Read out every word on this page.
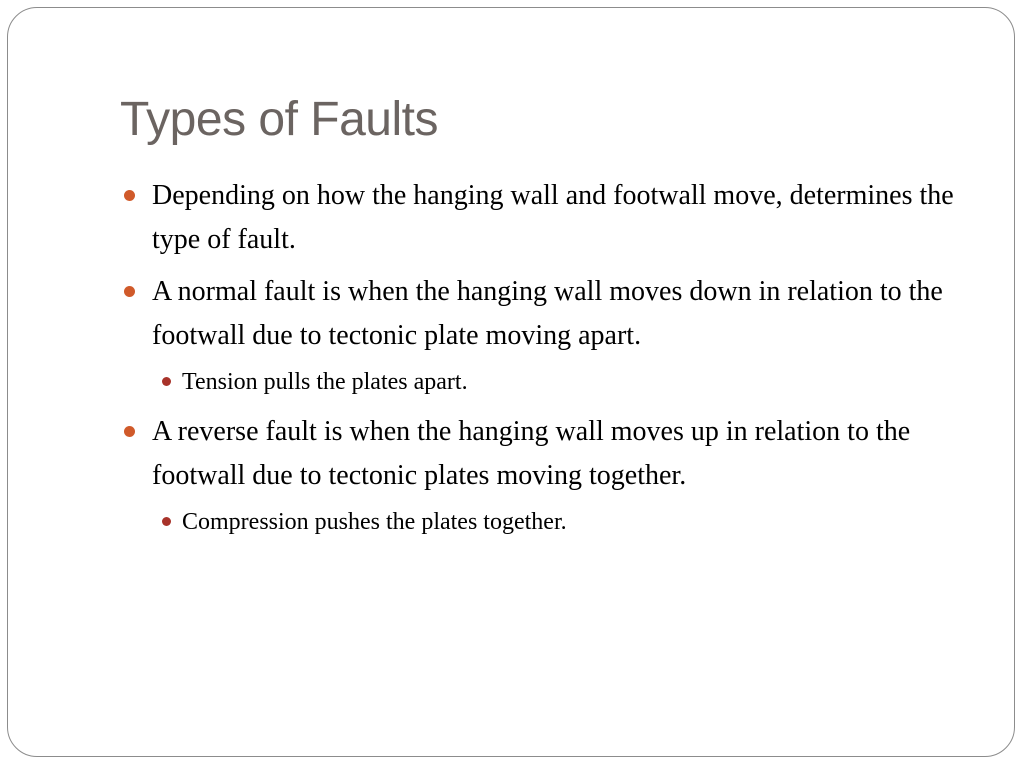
Types of Faults
Depending on how the hanging wall and footwall move, determines the type of fault.
A normal fault is when the hanging wall moves down in relation to the footwall due to tectonic plate moving apart.
Tension pulls the plates apart.
A reverse fault is when the hanging wall moves up in relation to the footwall due to tectonic plates moving together.
Compression pushes the plates together.
